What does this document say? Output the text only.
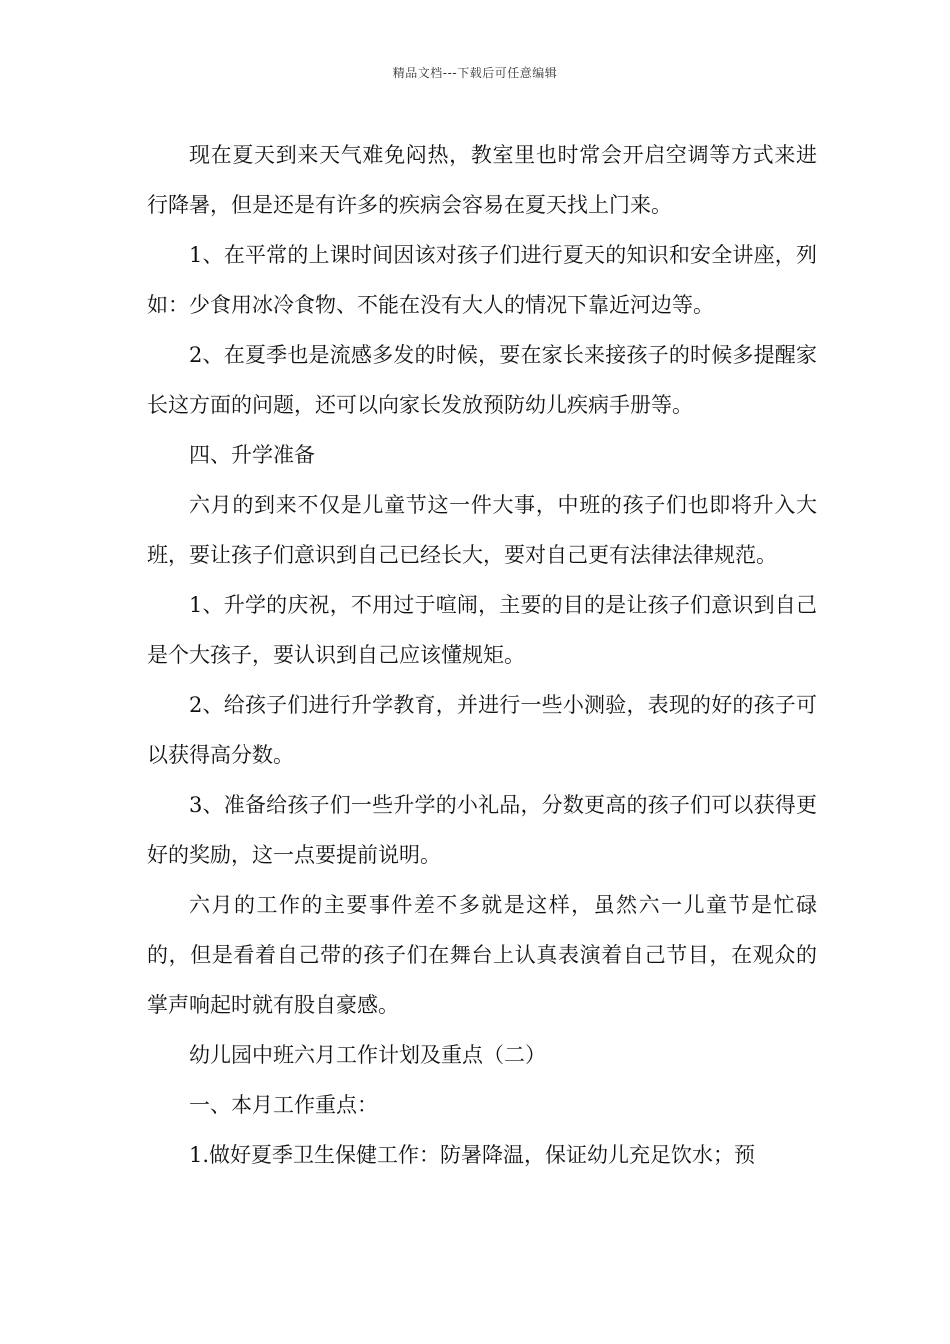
精品文档---下载后可任意编辑

现在夏天到来天气难免闷热，教室里也时常会开启空调等方式来进行降暑，但是还是有许多的疾病会容易在夏天找上门来。

1、在平常的上课时间因该对孩子们进行夏天的知识和安全讲座，列如：少食用冰冷食物、不能在没有大人的情况下靠近河边等。

2、在夏季也是流感多发的时候，要在家长来接孩子的时候多提醒家长这方面的问题，还可以向家长发放预防幼儿疾病手册等。

四、升学准备

六月的到来不仅是儿童节这一件大事，中班的孩子们也即将升入大班，要让孩子们意识到自己已经长大，要对自己更有法律法律规范。

1、升学的庆祝，不用过于喧闹，主要的目的是让孩子们意识到自己是个大孩子，要认识到自己应该懂规矩。

2、给孩子们进行升学教育，并进行一些小测验，表现的好的孩子可以获得高分数。

3、准备给孩子们一些升学的小礼品，分数更高的孩子们可以获得更好的奖励，这一点要提前说明。

六月的工作的主要事件差不多就是这样，虽然六一儿童节是忙碌的，但是看着自己带的孩子们在舞台上认真表演着自己节目，在观众的掌声响起时就有股自豪感。

幼儿园中班六月工作计划及重点（二）

一、本月工作重点：

1.做好夏季卫生保健工作：防暑降温，保证幼儿充足饮水；预
